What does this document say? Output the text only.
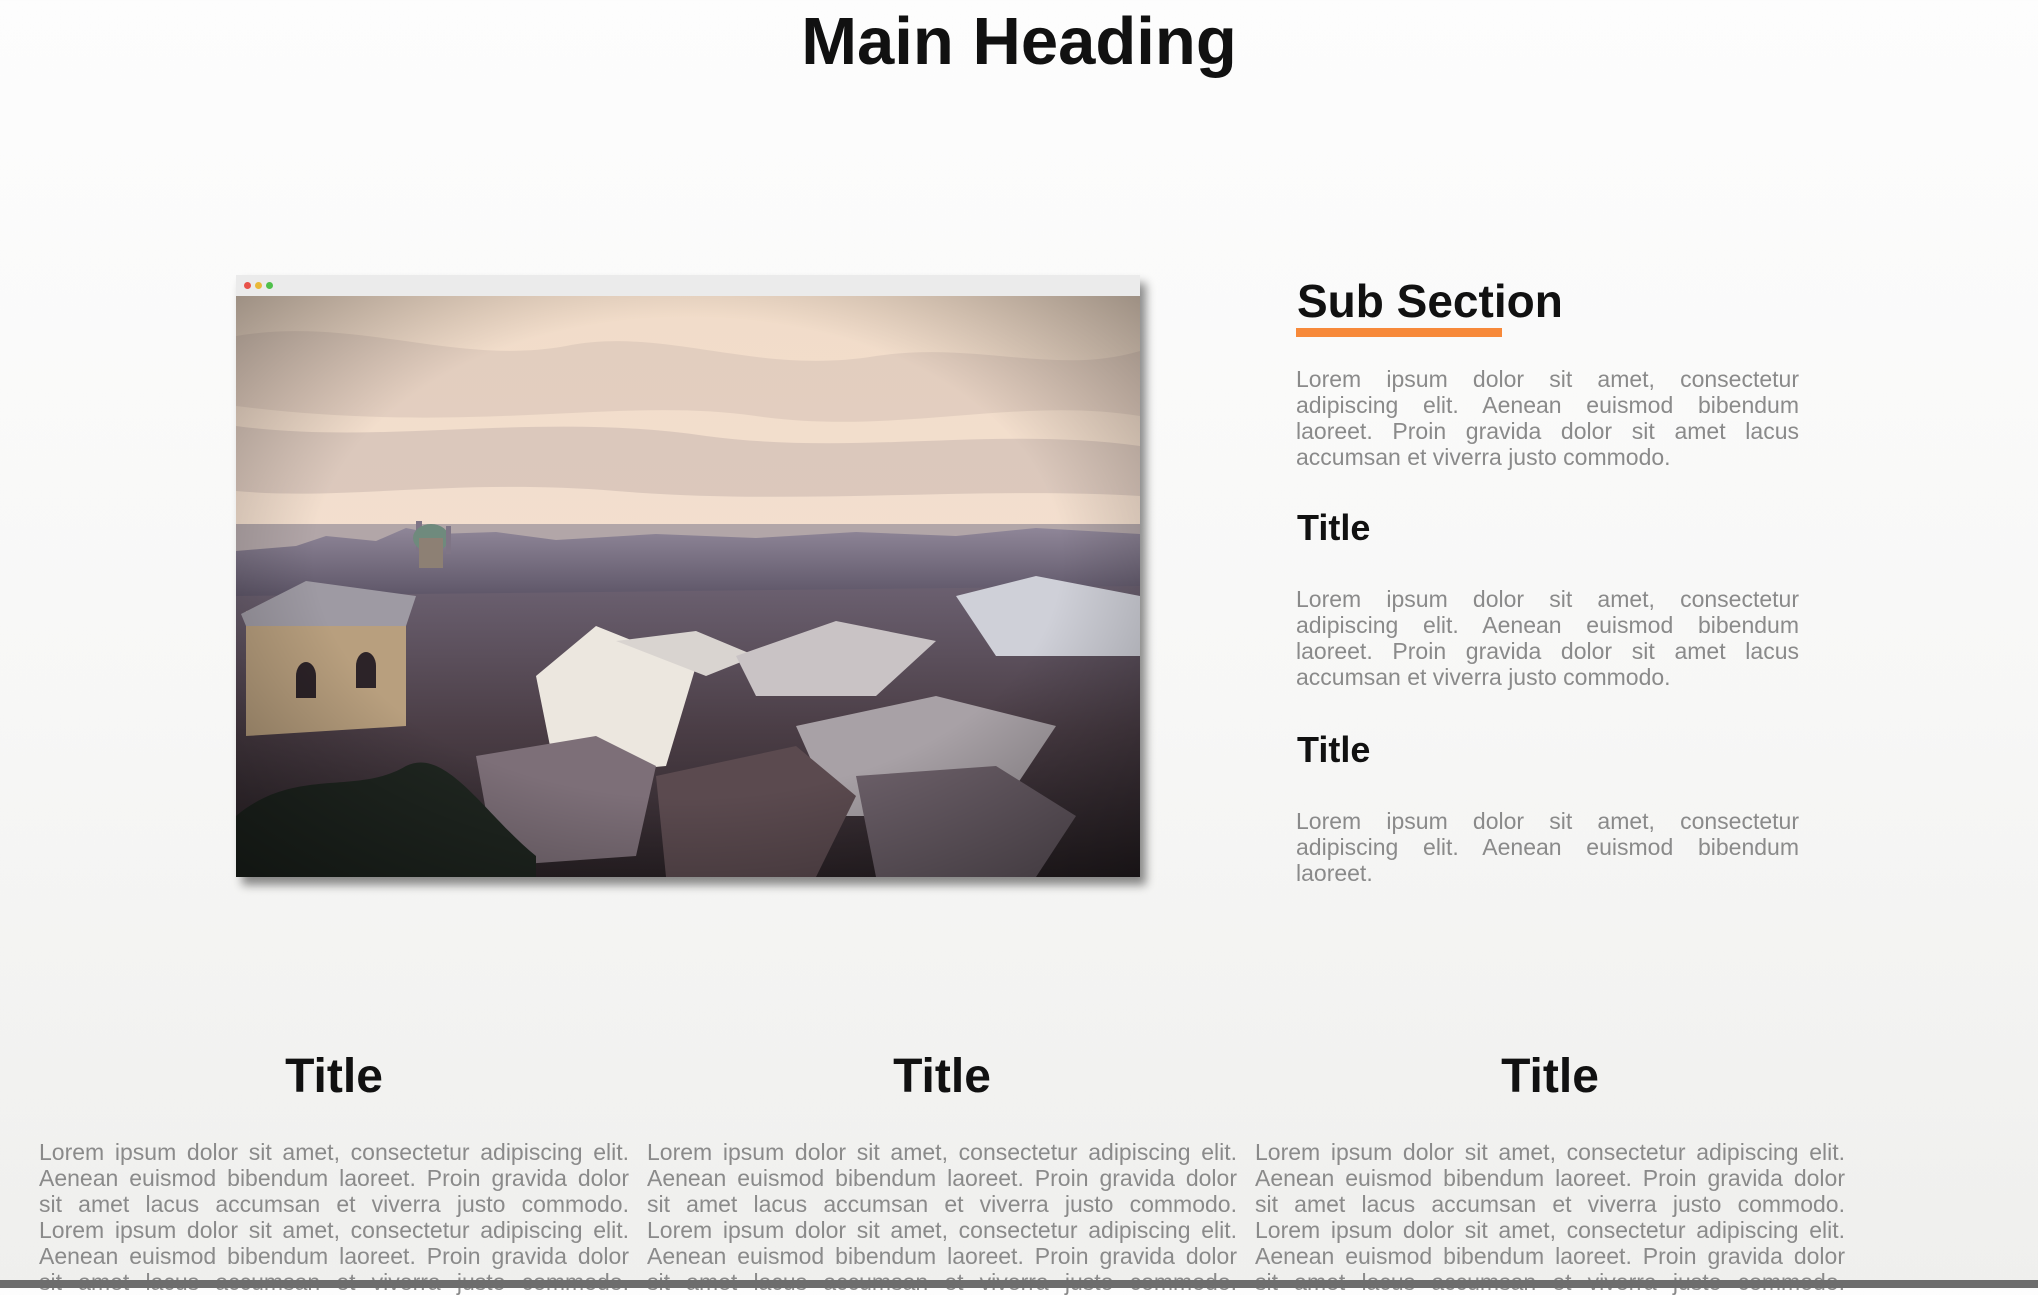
Main Heading
Sub Section

Lorem ipsum dolor sit amet, consectetur adipiscing elit. Aenean euismod bibendum laoreet. Proin gravida dolor sit amet lacus accumsan et viverra justo commodo.

Title

Lorem ipsum dolor sit amet, consectetur adipiscing elit. Aenean euismod bibendum laoreet. Proin gravida dolor sit amet lacus accumsan et viverra justo commodo.

Title

Lorem ipsum dolor sit amet, consectetur adipiscing elit. Aenean euismod bibendum laoreet.

Title

Lorem ipsum dolor sit amet, consectetur adipiscing elit. Aenean euismod bibendum laoreet. Proin gravida dolor sit amet lacus accumsan et viverra justo commodo. Lorem ipsum dolor sit amet, consectetur adipiscing elit. Aenean euismod bibendum laoreet. Proin gravida dolor

Title

Lorem ipsum dolor sit amet, consectetur adipiscing elit. Aenean euismod bibendum laoreet. Proin gravida dolor sit amet lacus accumsan et viverra justo commodo. Lorem ipsum dolor sit amet, consectetur adipiscing elit. Aenean euismod bibendum laoreet. Proin gravida dolor

Title

Lorem ipsum dolor sit amet, consectetur adipiscing elit. Aenean euismod bibendum laoreet. Proin gravida dolor sit amet lacus accumsan et viverra justo commodo. Lorem ipsum dolor sit amet, consectetur adipiscing elit. Aenean euismod bibendum laoreet. Proin gravida dolor
